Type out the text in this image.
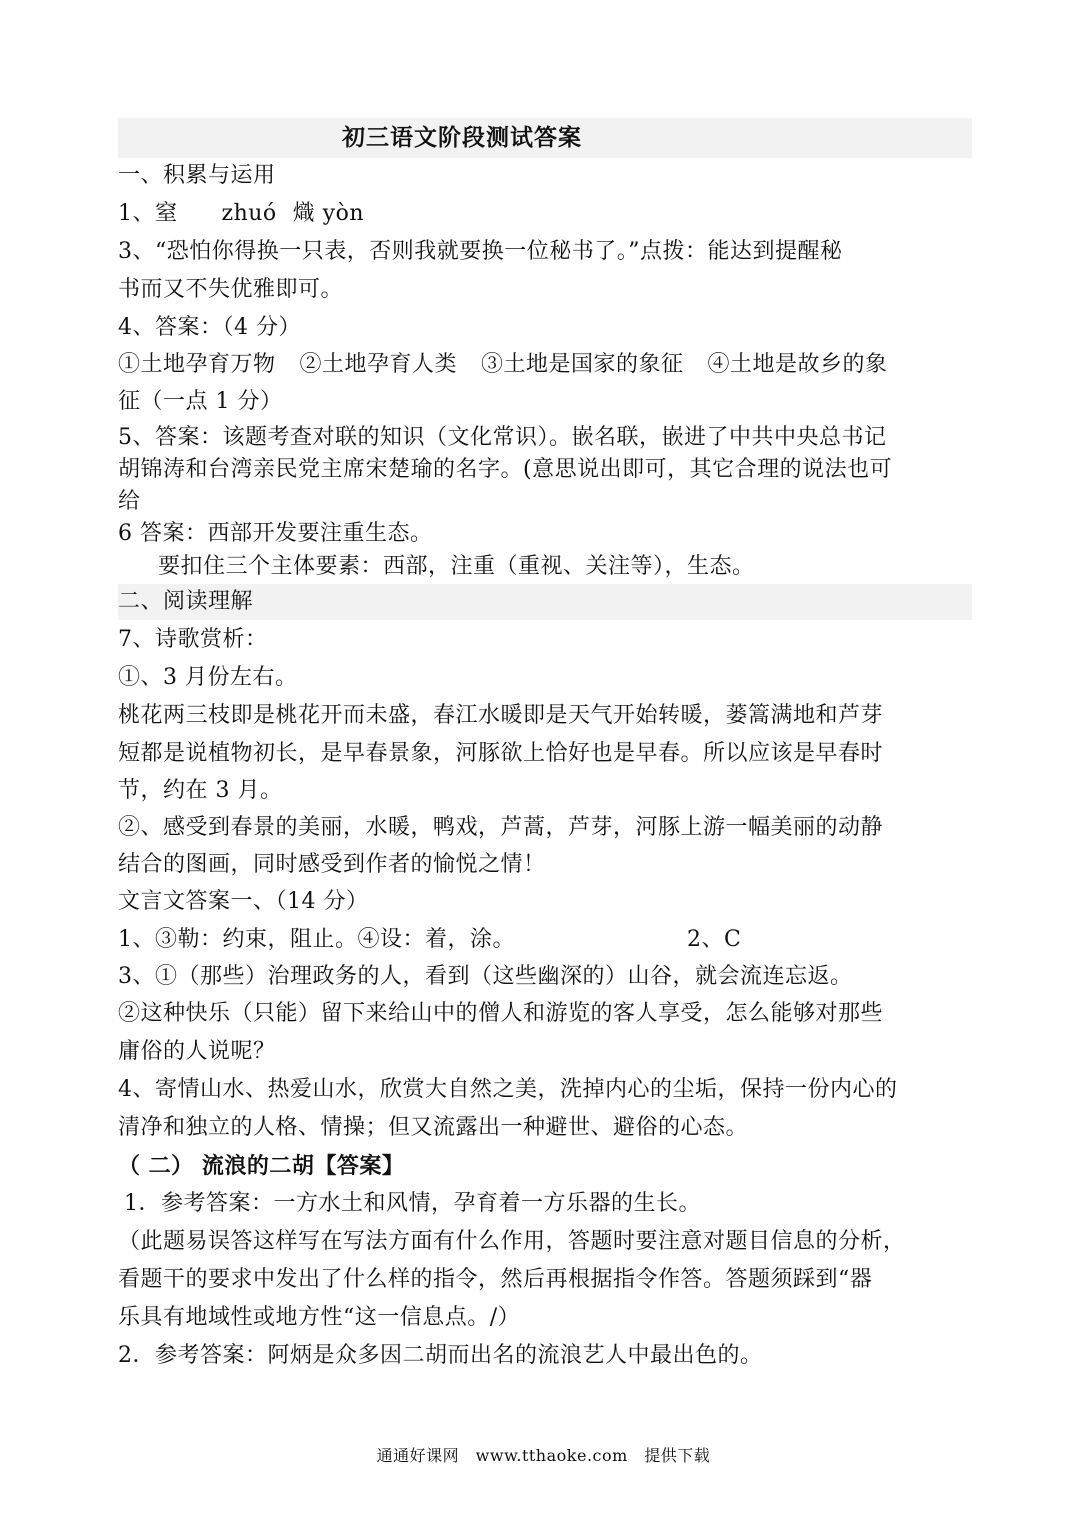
初三语文阶段测试答案
一、积累与运用
1、窒 zhuó 熾 yòn
3、“恐怕你得换一只表，否则我就要换一位秘书了。”点拨：能达到提醒秘
书而又不失优雅即可。
4、答案：（4 分）
①土地孕育万物 ②土地孕育人类 ③土地是国家的象征 ④土地是故乡的象
征（一点 1 分）
5、答案：该题考查对联的知识（文化常识）。嵌名联，嵌进了中共中央总书记
胡锦涛和台湾亲民党主席宋楚瑜的名字。(意思说出即可，其它合理的说法也可
给
6 答案：西部开发要注重生态。
要扣住三个主体要素：西部，注重（重视、关注等），生态。
二、阅读理解
7、诗歌赏析：
①、3 月份左右。
桃花两三枝即是桃花开而未盛，春江水暖即是天气开始转暖，蒌篙满地和芦芽
短都是说植物初长，是早春景象，河豚欲上恰好也是早春。所以应该是早春时
节，约在 3 月。
②、感受到春景的美丽，水暖，鸭戏，芦蒿，芦芽，河豚上游一幅美丽的动静
结合的图画，同时感受到作者的愉悦之情！
文言文答案一、（14 分）
1、③勒：约束，阻止。④设：着，涂。	2、C
3、①（那些）治理政务的人，看到（这些幽深的）山谷，就会流连忘返。
②这种快乐（只能）留下来给山中的僧人和游览的客人享受，怎么能够对那些
庸俗的人说呢？
4、寄情山水、热爱山水，欣赏大自然之美，洗掉内心的尘垢，保持一份内心的
清净和独立的人格、情操；但又流露出一种避世、避俗的心态。
（ 二） 流浪的二胡【答案】
1．参考答案：一方水土和风情，孕育着一方乐器的生长。
（此题易误答这样写在写法方面有什么作用，答题时要注意对题目信息的分析，
看题干的要求中发出了什么样的指令，然后再根据指令作答。答题须踩到“器
乐具有地域性或地方性“这一信息点。/）
2．参考答案：阿炳是众多因二胡而出名的流浪艺人中最出色的。
通通好课网　www.tthaoke.com　提供下载
